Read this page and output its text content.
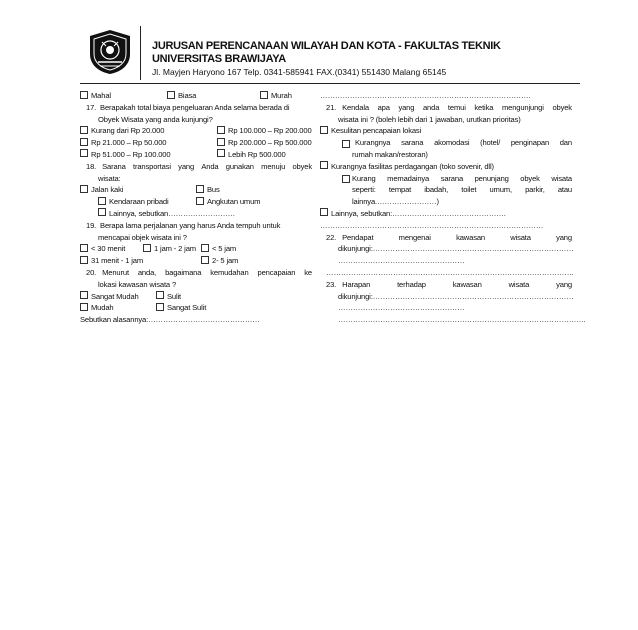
JURUSAN PERENCANAAN WILAYAH DAN KOTA - FAKULTAS TEKNIK
UNIVERSITAS BRAWIJAYA
Jl. Mayjen Haryono 167 Telp. 0341-585941 FAX.(0341) 551430 Malang 65145
Mahal	Biasa	Murah
17. Berapakah total biaya pengeluaran Anda selama berada di
Obyek Wisata yang anda kunjungi?
Kurang dari Rp 20.000	Rp 100.000 – Rp 200.000
Rp 21.000 – Rp 50.000	Rp 200.000 – Rp 500.000
Rp 51.000 – Rp 100.000	Lebih Rp 500.000
18. Sarana transportasi yang Anda gunakan menuju obyek
wisata:
Jalan kaki	Bus
Kendaraan pribadi	Angkutan umum
Lainnya, sebutkan………………………
19. Berapa lama perjalanan yang harus Anda tempuh untuk
mencapai objek wisata ini ?
< 30 menit	1 jam - 2 jam	< 5 jam
31 menit - 1 jam	2- 5 jam
20. Menurut anda, bagaimana kemudahan pencapaian ke
lokasi kawasan wisata ?
Sangat Mudah	Sulit
Mudah	Sangat Sulit
Sebutkan alasannya:………………………………………
………………………………………………………………………….
21. Kendala apa yang anda temui ketika mengunjungi obyek
wisata ini ? (boleh lebih dari 1 jawaban, urutkan prioritas)
Kesulitan pencapaian lokasi
Kurangnya sarana akomodasi (hotel/ penginapan dan
rumah makan/restoran)
Kurangnya fasilitas perdagangan (toko sovenir, dll)
Kurang memadainya sarana penunjang obyek wisata
seperti: tempat ibadah, toilet umum, parkir, atau
lainnya.……………………)
Lainnya, sebutkan:……………………………………….
………………………………………………………………………………
22. Pendapat	mengenai	kawasan	wisata	yang
dikunjungi:………………………………………………………………………
……………………………………………
……………………………………………………………………………………….
23. Harapan	terhadap	kawasan	wisata	yang
dikunjungi:………………………………………………………………………
……………………………………………
……………………………………………………………………………………….
